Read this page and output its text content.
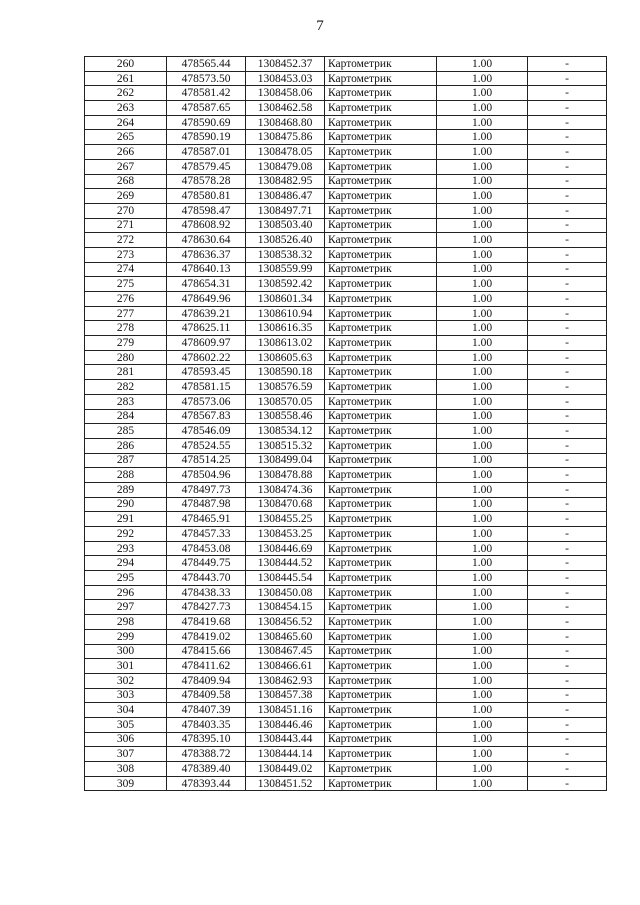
7
260	478565.44	1308452.37	Картометрик	1.00	-
261	478573.50	1308453.03	Картометрик	1.00	-
262	478581.42	1308458.06	Картометрик	1.00	-
263	478587.65	1308462.58	Картометрик	1.00	-
264	478590.69	1308468.80	Картометрик	1.00	-
265	478590.19	1308475.86	Картометрик	1.00	-
266	478587.01	1308478.05	Картометрик	1.00	-
267	478579.45	1308479.08	Картометрик	1.00	-
268	478578.28	1308482.95	Картометрик	1.00	-
269	478580.81	1308486.47	Картометрик	1.00	-
270	478598.47	1308497.71	Картометрик	1.00	-
271	478608.92	1308503.40	Картометрик	1.00	-
272	478630.64	1308526.40	Картометрик	1.00	-
273	478636.37	1308538.32	Картометрик	1.00	-
274	478640.13	1308559.99	Картометрик	1.00	-
275	478654.31	1308592.42	Картометрик	1.00	-
276	478649.96	1308601.34	Картометрик	1.00	-
277	478639.21	1308610.94	Картометрик	1.00	-
278	478625.11	1308616.35	Картометрик	1.00	-
279	478609.97	1308613.02	Картометрик	1.00	-
280	478602.22	1308605.63	Картометрик	1.00	-
281	478593.45	1308590.18	Картометрик	1.00	-
282	478581.15	1308576.59	Картометрик	1.00	-
283	478573.06	1308570.05	Картометрик	1.00	-
284	478567.83	1308558.46	Картометрик	1.00	-
285	478546.09	1308534.12	Картометрик	1.00	-
286	478524.55	1308515.32	Картометрик	1.00	-
287	478514.25	1308499.04	Картометрик	1.00	-
288	478504.96	1308478.88	Картометрик	1.00	-
289	478497.73	1308474.36	Картометрик	1.00	-
290	478487.98	1308470.68	Картометрик	1.00	-
291	478465.91	1308455.25	Картометрик	1.00	-
292	478457.33	1308453.25	Картометрик	1.00	-
293	478453.08	1308446.69	Картометрик	1.00	-
294	478449.75	1308444.52	Картометрик	1.00	-
295	478443.70	1308445.54	Картометрик	1.00	-
296	478438.33	1308450.08	Картометрик	1.00	-
297	478427.73	1308454.15	Картометрик	1.00	-
298	478419.68	1308456.52	Картометрик	1.00	-
299	478419.02	1308465.60	Картометрик	1.00	-
300	478415.66	1308467.45	Картометрик	1.00	-
301	478411.62	1308466.61	Картометрик	1.00	-
302	478409.94	1308462.93	Картометрик	1.00	-
303	478409.58	1308457.38	Картометрик	1.00	-
304	478407.39	1308451.16	Картометрик	1.00	-
305	478403.35	1308446.46	Картометрик	1.00	-
306	478395.10	1308443.44	Картометрик	1.00	-
307	478388.72	1308444.14	Картометрик	1.00	-
308	478389.40	1308449.02	Картометрик	1.00	-
309	478393.44	1308451.52	Картометрик	1.00	-
